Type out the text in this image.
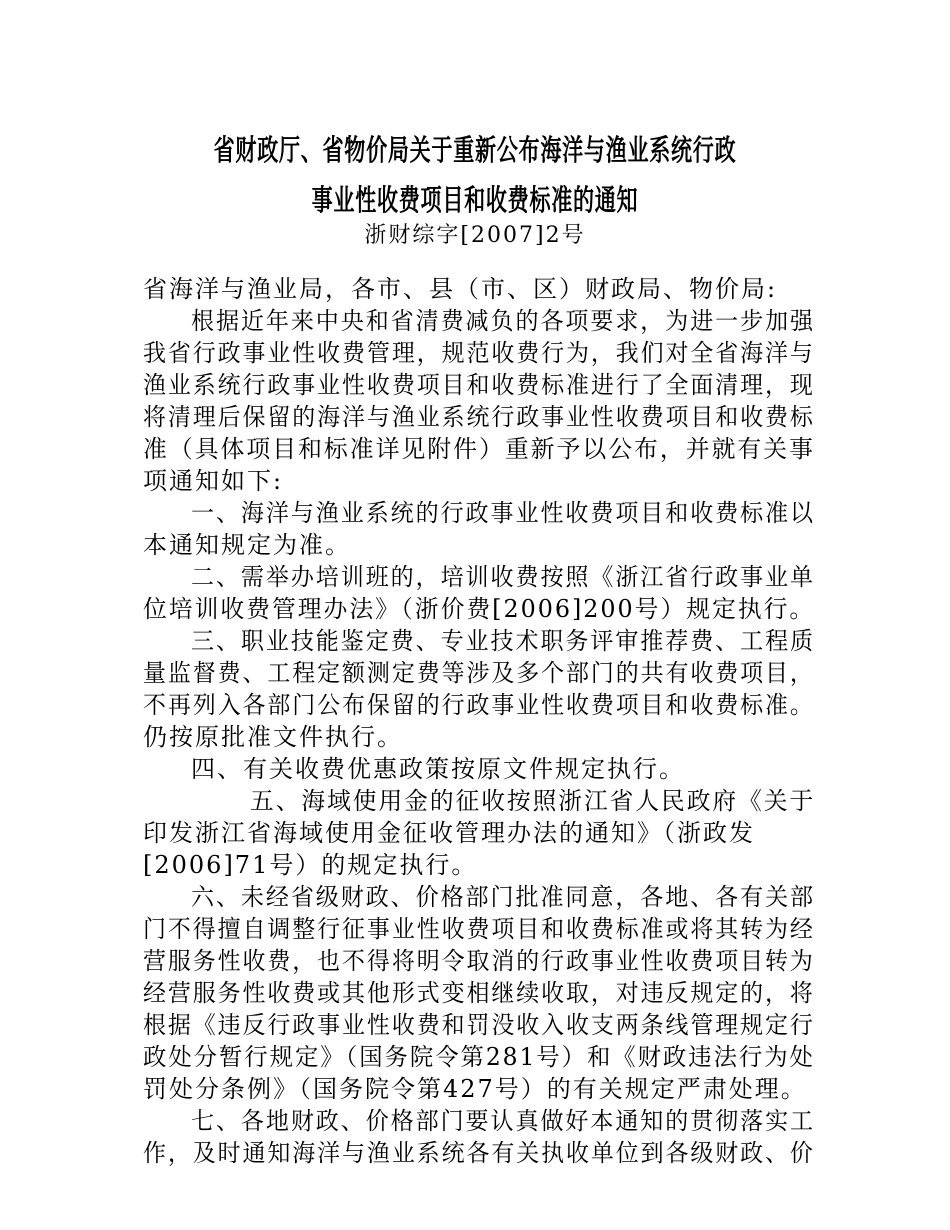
省财政厅、省物价局关于重新公布海洋与渔业系统行政
事业性收费项目和收费标准的通知
浙财综字[2007]2号
省海洋与渔业局，各市、县（市、区）财政局、物价局:
根据近年来中央和省清费减负的各项要求，为进一步加强
我省行政事业性收费管理，规范收费行为，我们对全省海洋与
渔业系统行政事业性收费项目和收费标准进行了全面清理，现
将清理后保留的海洋与渔业系统行政事业性收费项目和收费标
准（具体项目和标准详见附件）重新予以公布，并就有关事
项通知如下:
一、海洋与渔业系统的行政事业性收费项目和收费标准以
本通知规定为准。
二、需举办培训班的，培训收费按照《浙江省行政事业单
位培训收费管理办法》（浙价费[2006]200号）规定执行。
三、职业技能鉴定费、专业技术职务评审推荐费、工程质
量监督费、工程定额测定费等涉及多个部门的共有收费项目，
不再列入各部门公布保留的行政事业性收费项目和收费标准。
仍按原批准文件执行。
四、有关收费优惠政策按原文件规定执行。
五、海域使用金的征收按照浙江省人民政府《关于
印发浙江省海域使用金征收管理办法的通知》（浙政发
[2006]71号）的规定执行。
六、未经省级财政、价格部门批准同意，各地、各有关部
门不得擅自调整行征事业性收费项目和收费标准或将其转为经
营服务性收费，也不得将明令取消的行政事业性收费项目转为
经营服务性收费或其他形式变相继续收取，对违反规定的，将
根据《违反行政事业性收费和罚没收入收支两条线管理规定行
政处分暂行规定》（国务院令第281号）和《财政违法行为处
罚处分条例》（国务院令第427号）的有关规定严肃处理。
七、各地财政、价格部门要认真做好本通知的贯彻落实工
作，及时通知海洋与渔业系统各有关执收单位到各级财政、价
